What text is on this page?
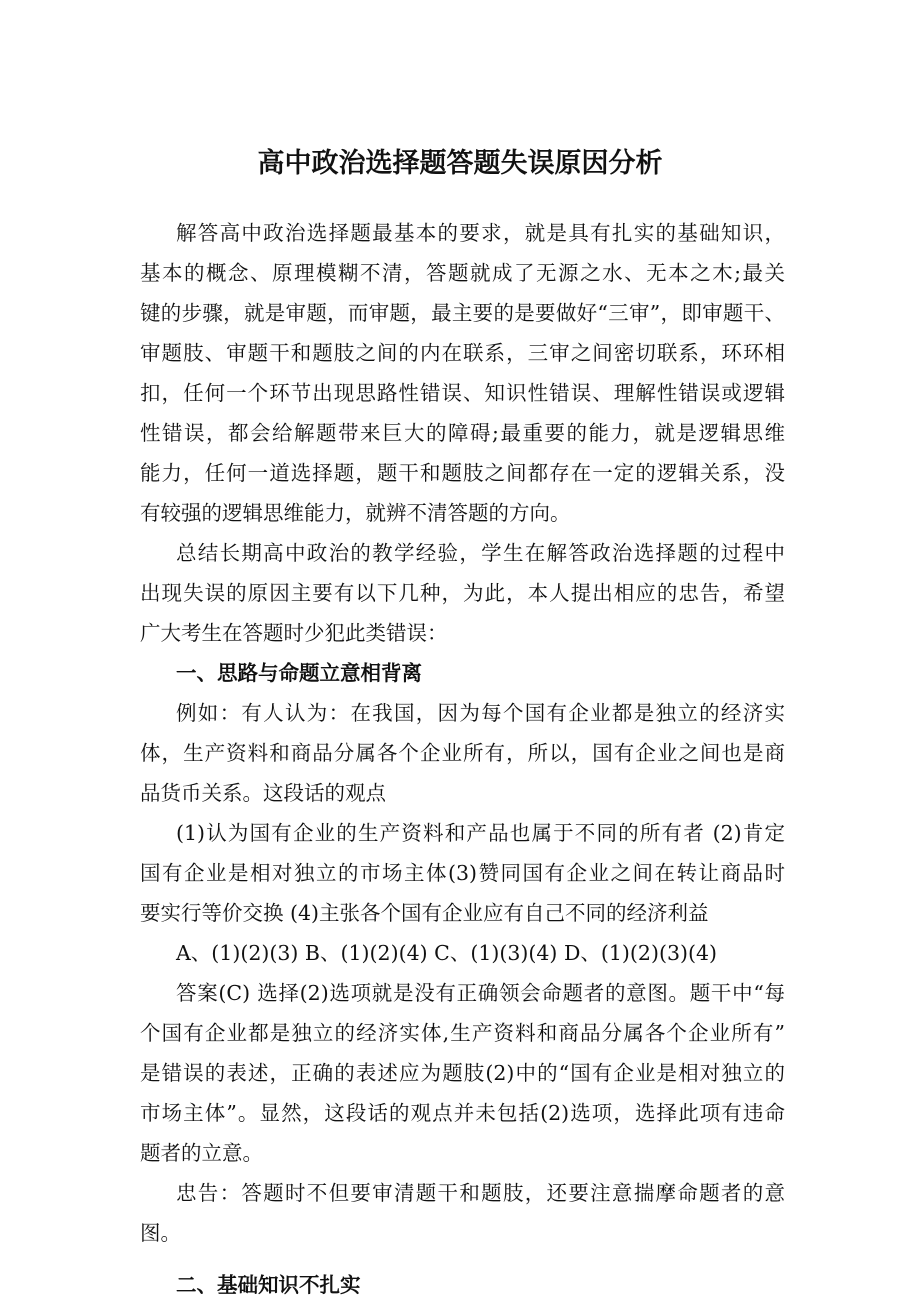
高中政治选择题答题失误原因分析
解答高中政治选择题最基本的要求，就是具有扎实的基础知识，
基本的概念、原理模糊不清，答题就成了无源之水、无本之木;最关
键的步骤，就是审题，而审题，最主要的是要做好“三审”，即审题干、
审题肢、审题干和题肢之间的内在联系，三审之间密切联系，环环相
扣，任何一个环节出现思路性错误、知识性错误、理解性错误或逻辑
性错误，都会给解题带来巨大的障碍;最重要的能力，就是逻辑思维
能力，任何一道选择题，题干和题肢之间都存在一定的逻辑关系，没
有较强的逻辑思维能力，就辨不清答题的方向。
总结长期高中政治的教学经验，学生在解答政治选择题的过程中
出现失误的原因主要有以下几种，为此，本人提出相应的忠告，希望
广大考生在答题时少犯此类错误：
一、思路与命题立意相背离
例如：有人认为：在我国，因为每个国有企业都是独立的经济实
体，生产资料和商品分属各个企业所有，所以，国有企业之间也是商
品货币关系。这段话的观点
(1)认为国有企业的生产资料和产品也属于不同的所有者 (2)肯定
国有企业是相对独立的市场主体(3)赞同国有企业之间在转让商品时
要实行等价交换 (4)主张各个国有企业应有自己不同的经济利益
A、(1)(2)(3) B、(1)(2)(4) C、(1)(3)(4) D、(1)(2)(3)(4)
答案(C) 选择(2)选项就是没有正确领会命题者的意图。题干中“每
个国有企业都是独立的经济实体,生产资料和商品分属各个企业所有”
是错误的表述，正确的表述应为题肢(2)中的“国有企业是相对独立的
市场主体”。显然，这段话的观点并未包括(2)选项，选择此项有违命
题者的立意。
忠告：答题时不但要审清题干和题肢，还要注意揣摩命题者的意
图。
二、基础知识不扎实
